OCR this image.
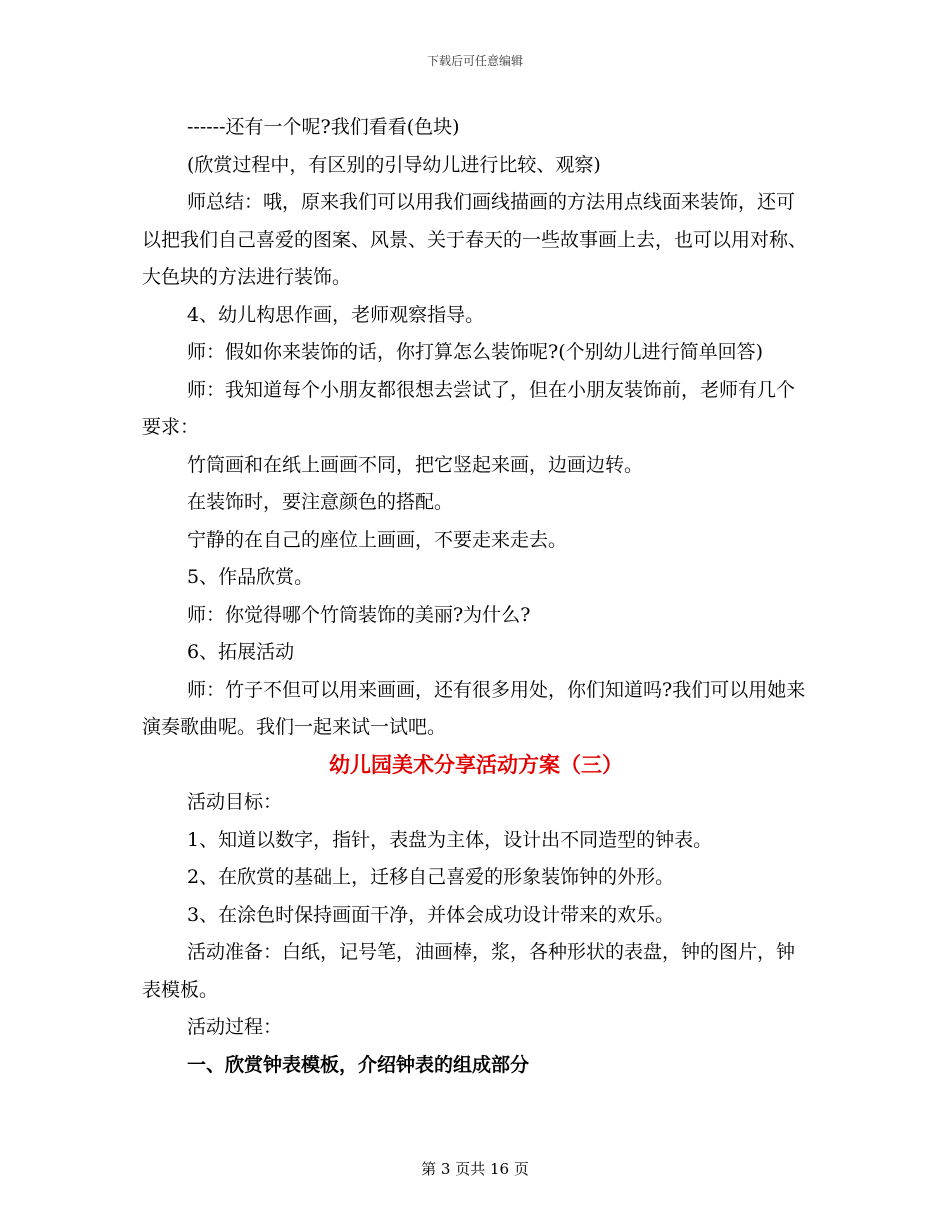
下载后可任意编辑

------还有一个呢?我们看看(色块)

(欣赏过程中，有区别的引导幼儿进行比较、观察)

师总结：哦，原来我们可以用我们画线描画的方法用点线面来装饰，还可以把我们自己喜爱的图案、风景、关于春天的一些故事画上去，也可以用对称、大色块的方法进行装饰。

4、幼儿构思作画，老师观察指导。

师：假如你来装饰的话，你打算怎么装饰呢?(个别幼儿进行简单回答)

师：我知道每个小朋友都很想去尝试了，但在小朋友装饰前，老师有几个要求：

竹筒画和在纸上画画不同，把它竖起来画，边画边转。

在装饰时，要注意颜色的搭配。

宁静的在自己的座位上画画，不要走来走去。

5、作品欣赏。

师：你觉得哪个竹筒装饰的美丽?为什么?

6、拓展活动

师：竹子不但可以用来画画，还有很多用处，你们知道吗?我们可以用她来演奏歌曲呢。我们一起来试一试吧。

幼儿园美术分享活动方案（三）

活动目标：

1、知道以数字，指针，表盘为主体，设计出不同造型的钟表。

2、在欣赏的基础上，迁移自己喜爱的形象装饰钟的外形。

3、在涂色时保持画面干净，并体会成功设计带来的欢乐。

活动准备：白纸，记号笔，油画棒，浆，各种形状的表盘，钟的图片，钟表模板。

活动过程：

一、欣赏钟表模板，介绍钟表的组成部分

第 3 页共 16 页
